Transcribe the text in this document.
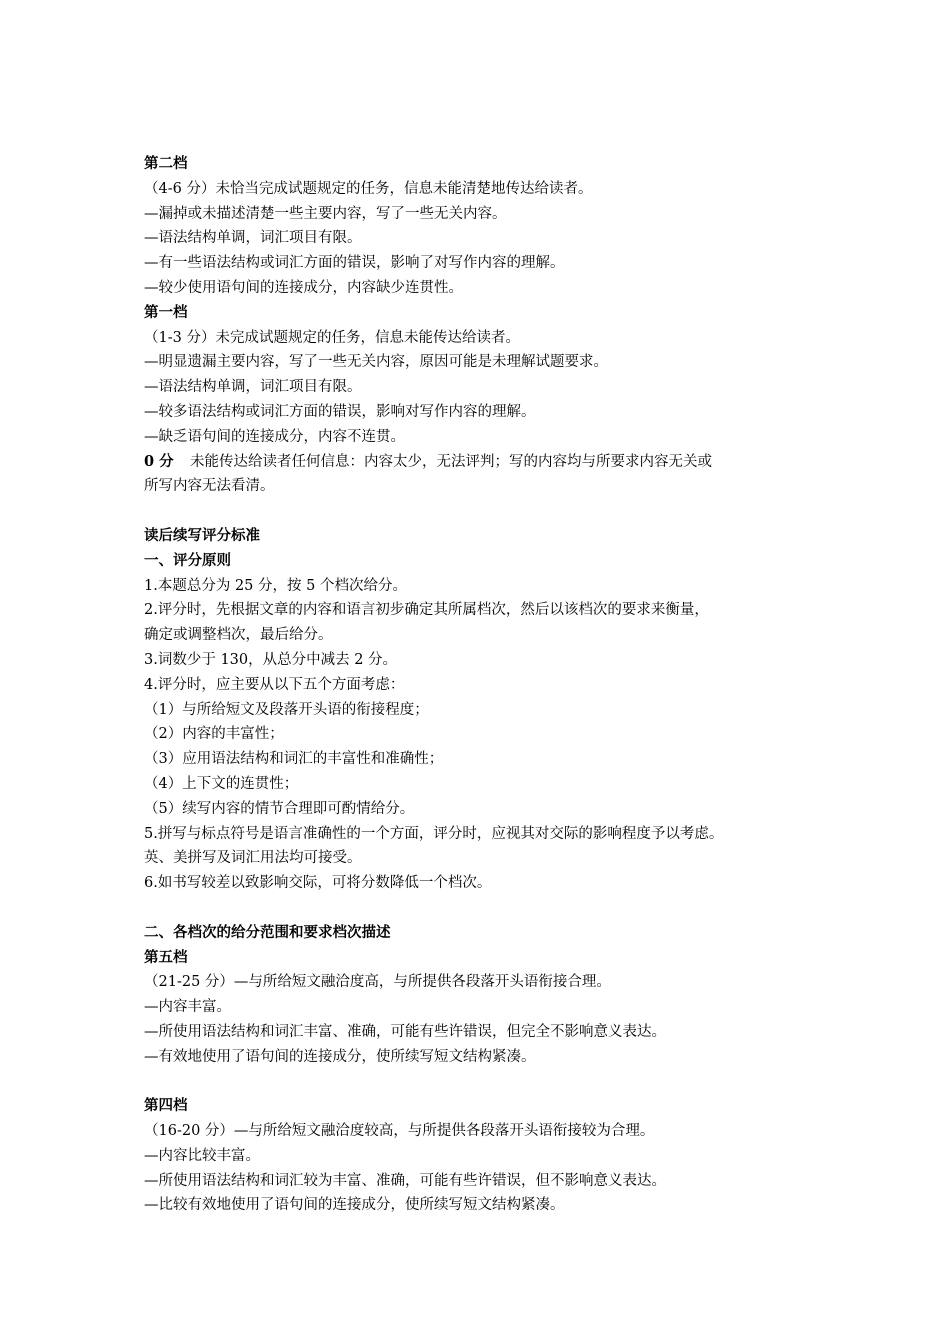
第二档
（4-6 分）未恰当完成试题规定的任务，信息未能清楚地传达给读者。
—漏掉或未描述清楚一些主要内容，写了一些无关内容。
—语法结构单调，词汇项目有限。
—有一些语法结构或词汇方面的错误，影响了对写作内容的理解。
—较少使用语句间的连接成分，内容缺少连贯性。
第一档
（1-3 分）未完成试题规定的任务，信息未能传达给读者。
—明显遗漏主要内容，写了一些无关内容，原因可能是未理解试题要求。
—语法结构单调，词汇项目有限。
—较多语法结构或词汇方面的错误，影响对写作内容的理解。
—缺乏语句间的连接成分，内容不连贯。
0 分 未能传达给读者任何信息：内容太少，无法评判；写的内容均与所要求内容无关或
所写内容无法看清。
读后续写评分标准
一、评分原则
1.本题总分为 25 分，按 5 个档次给分。
2.评分时，先根据文章的内容和语言初步确定其所属档次，然后以该档次的要求来衡量，
确定或调整档次，最后给分。
3.词数少于 130，从总分中减去 2 分。
4.评分时，应主要从以下五个方面考虑：
（1）与所给短文及段落开头语的衔接程度；
（2）内容的丰富性；
（3）应用语法结构和词汇的丰富性和准确性；
（4）上下文的连贯性；
（5）续写内容的情节合理即可酌情给分。
5.拼写与标点符号是语言准确性的一个方面，评分时，应视其对交际的影响程度予以考虑。
英、美拼写及词汇用法均可接受。
6.如书写较差以致影响交际，可将分数降低一个档次。
二、各档次的给分范围和要求档次描述
第五档
（21-25 分）—与所给短文融洽度高，与所提供各段落开头语衔接合理。
—内容丰富。
—所使用语法结构和词汇丰富、准确，可能有些许错误，但完全不影响意义表达。
—有效地使用了语句间的连接成分，使所续写短文结构紧凑。
第四档
（16-20 分）—与所给短文融洽度较高，与所提供各段落开头语衔接较为合理。
—内容比较丰富。
—所使用语法结构和词汇较为丰富、准确，可能有些许错误，但不影响意义表达。
—比较有效地使用了语句间的连接成分，使所续写短文结构紧凑。
